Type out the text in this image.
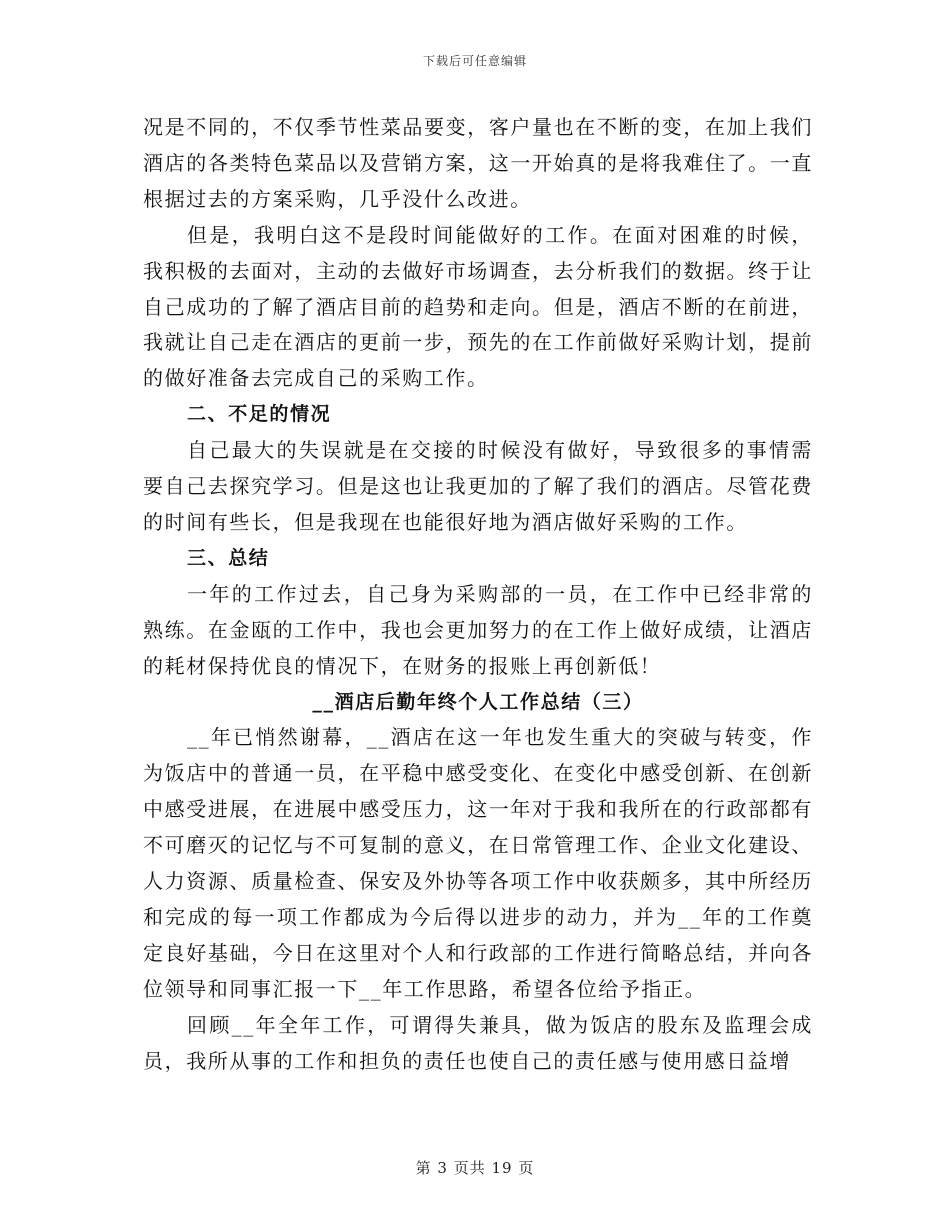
下载后可任意编辑

况是不同的，不仅季节性菜品要变，客户量也在不断的变，在加上我们酒店的各类特色菜品以及营销方案，这一开始真的是将我难住了。一直根据过去的方案采购，几乎没什么改进。

但是，我明白这不是段时间能做好的工作。在面对困难的时候，我积极的去面对，主动的去做好市场调查，去分析我们的数据。终于让自己成功的了解了酒店目前的趋势和走向。但是，酒店不断的在前进，我就让自己走在酒店的更前一步，预先的在工作前做好采购计划，提前的做好准备去完成自己的采购工作。

二、不足的情况

自己最大的失误就是在交接的时候没有做好，导致很多的事情需要自己去探究学习。但是这也让我更加的了解了我们的酒店。尽管花费的时间有些长，但是我现在也能很好地为酒店做好采购的工作。

三、总结

一年的工作过去，自己身为采购部的一员，在工作中已经非常的熟练。在金瓯的工作中，我也会更加努力的在工作上做好成绩，让酒店的耗材保持优良的情况下，在财务的报账上再创新低！

__酒店后勤年终个人工作总结（三）

__年已悄然谢幕，__酒店在这一年也发生重大的突破与转变，作为饭店中的普通一员，在平稳中感受变化、在变化中感受创新、在创新中感受进展，在进展中感受压力，这一年对于我和我所在的行政部都有不可磨灭的记忆与不可复制的意义，在日常管理工作、企业文化建设、人力资源、质量检查、保安及外协等各项工作中收获颇多，其中所经历和完成的每一项工作都成为今后得以进步的动力，并为__年的工作奠定良好基础，今日在这里对个人和行政部的工作进行简略总结，并向各位领导和同事汇报一下__年工作思路，希望各位给予指正。

回顾__年全年工作，可谓得失兼具，做为饭店的股东及监理会成员，我所从事的工作和担负的责任也使自己的责任感与使用感日益增

第 3 页共 19 页
